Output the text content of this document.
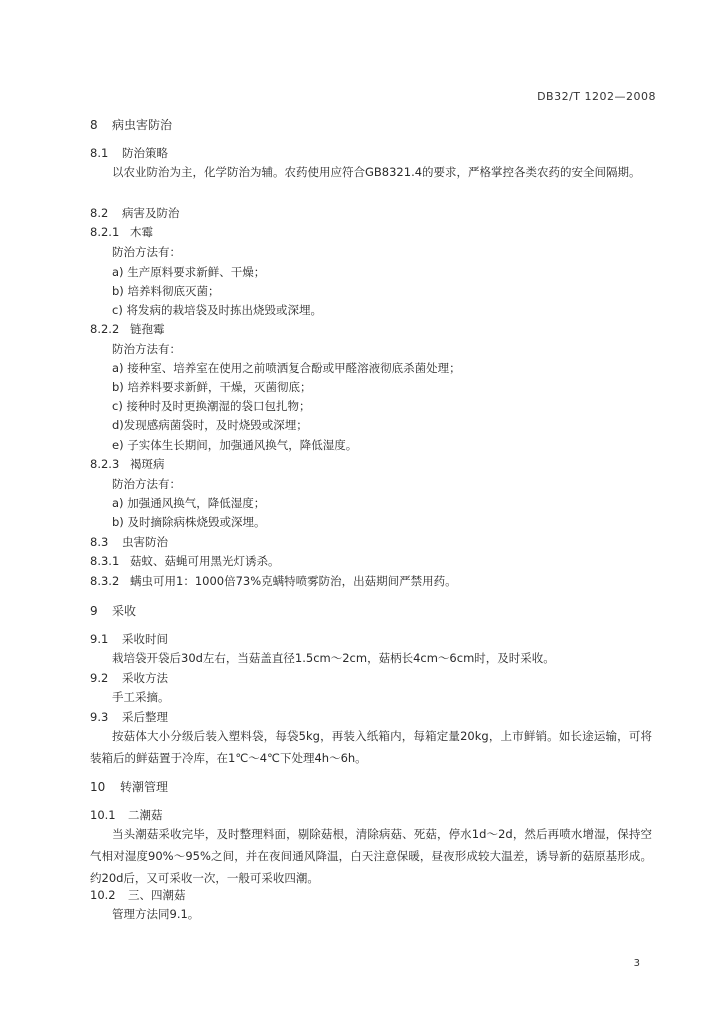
DB32/T 1202—2008
8 病虫害防治
8.1 防治策略
以农业防治为主，化学防治为辅。农药使用应符合GB8321.4的要求，严格掌控各类农药的安全间隔期。
8.2 病害及防治
8.2.1 木霉
防治方法有：
a) 生产原料要求新鲜、干燥；
b) 培养料彻底灭菌；
c) 将发病的栽培袋及时拣出烧毁或深埋。
8.2.2 链孢霉
防治方法有：
a) 接种室、培养室在使用之前喷洒复合酚或甲醛溶液彻底杀菌处理；
b) 培养料要求新鲜，干燥，灭菌彻底；
c) 接种时及时更换潮湿的袋口包扎物；
d)发现感病菌袋时，及时烧毁或深埋；
e) 子实体生长期间，加强通风换气，降低湿度。
8.2.3 褐斑病
防治方法有：
a) 加强通风换气，降低湿度；
b) 及时摘除病株烧毁或深埋。
8.3 虫害防治
8.3.1 菇蚊、菇蝇可用黑光灯诱杀。
8.3.2 螨虫可用1：1000倍73%克螨特喷雾防治，出菇期间严禁用药。
9 采收
9.1 采收时间
栽培袋开袋后30d左右，当菇盖直径1.5cm～2cm，菇柄长4cm～6cm时，及时采收。
9.2 采收方法
手工采摘。
9.3 采后整理
按菇体大小分级后装入塑料袋，每袋5kg，再装入纸箱内，每箱定量20kg，上市鲜销。如长途运输，可将装箱后的鲜菇置于冷库，在1℃～4℃下处理4h～6h。
10 转潮管理
10.1 二潮菇
当头潮菇采收完毕，及时整理料面，剔除菇根，清除病菇、死菇，停水1d～2d，然后再喷水增湿，保持空气相对湿度90%～95%之间，并在夜间通风降温，白天注意保暖，昼夜形成较大温差，诱导新的菇原基形成。约20d后，又可采收一次，一般可采收四潮。
10.2 三、四潮菇
管理方法同9.1。
3
